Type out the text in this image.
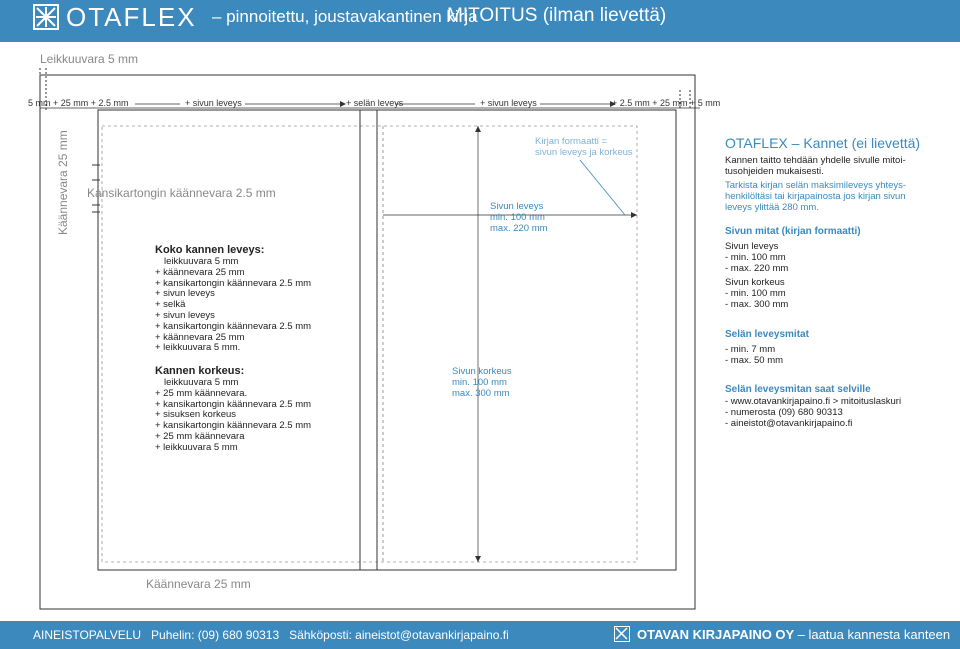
OTAFLEX – pinnoitettu, joustavakantinen kirja
MITOITUS (ilman lievettä)
Leikkuuvara 5 mm
5 mm + 25 mm + 2.5 mm	+ sivun leveys	+ selän leveys	+ sivun leveys	+ 2.5 mm + 25 mm + 5 mm
Käännevara 25 mm Kansikartongin käännevara 2.5 mm
Koko kannen leveys:
leikkuuvara 5 mm
+ käännevara 25 mm
+ kansikartongin käännevara 2.5 mm
+ sivun leveys
+ selkä
+ sivun leveys
+ kansikartongin käännevara 2.5 mm
+ käännevara 25 mm
+ leikkuuvara 5 mm.
Kannen korkeus:
leikkuuvara 5 mm
+ 25 mm käännevara.
+ kansikartongin käännevara 2.5 mm
+ sisuksen korkeus
+ kansikartongin käännevara 2.5 mm
+ 25 mm käännevara
+ leikkuuvara 5 mm
Sivun leveys
min. 100 mm
max. 220 mm
Sivun korkeus
min. 100 mm
max. 300 mm
Kirjan formaatti =
sivun leveys ja korkeus
Käännevara 25 mm
OTAFLEX – Kannet (ei lievettä)
Kannen taitto tehdään yhdelle sivulle mitoi-
tusohjeiden mukaisesti.
Tarkista kirjan selän maksimileveys yhteys-
henkilöltäsi tai kirjapainosta jos kirjan sivun
leveys ylittää 280 mm.
Sivun mitat (kirjan formaatti)
Sivun leveys
- min. 100 mm
- max. 220 mm
Sivun korkeus
- min. 100 mm
- max. 300 mm
Selän leveysmitat
- min. 7 mm
- max. 50 mm
Selän leveysmitan saat selville
- www.otavankirjapaino.fi > mitoituslaskuri
- numerosta (09) 680 90313
- aineistot@otavankirjapaino.fi
AINEISTOPALVELU   Puhelin: (09) 680 90313   Sähköposti: aineistot@otavankirjapaino.fi	OTAVAN KIRJAPAINO OY – laatua kannesta kanteen
